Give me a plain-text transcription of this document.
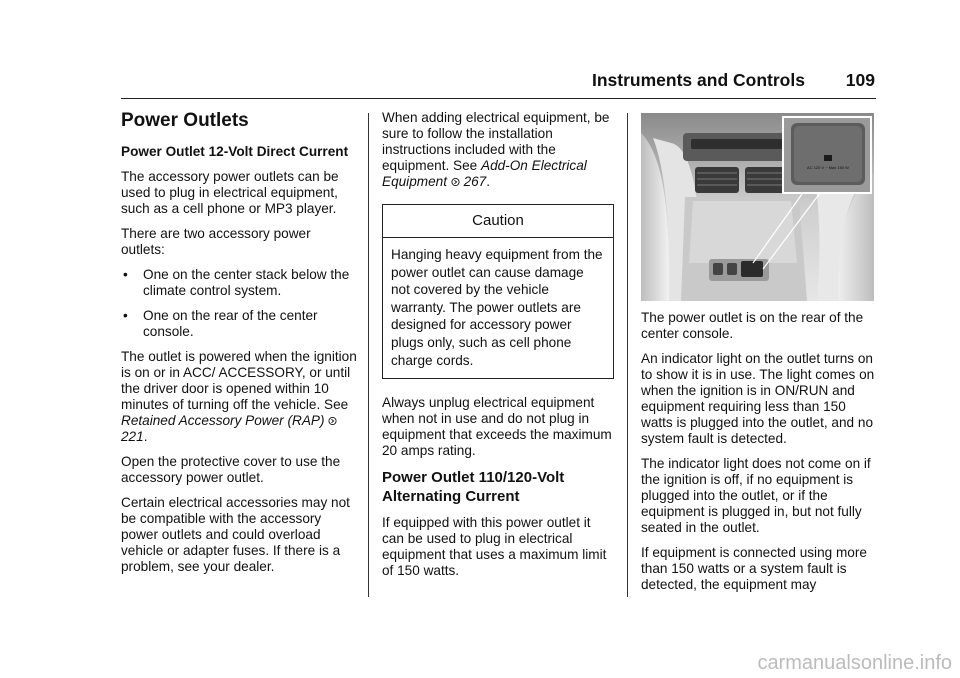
Instruments and Controls 109

Power Outlets

Power Outlet 12-Volt Direct Current

The accessory power outlets can be used to plug in electrical equipment, such as a cell phone or MP3 player.

There are two accessory power outlets:

• One on the center stack below the climate control system.

• One on the rear of the center console.

The outlet is powered when the ignition is on or in ACC/ ACCESSORY, or until the driver door is opened within 10 minutes of turning off the vehicle. See Retained Accessory Power (RAP)  221.

Open the protective cover to use the accessory power outlet.

Certain electrical accessories may not be compatible with the accessory power outlets and could overload vehicle or adapter fuses. If there is a problem, see your dealer.

When adding electrical equipment, be sure to follow the installation instructions included with the equipment. See Add-On Electrical Equipment 267.

Caution
Hanging heavy equipment from the power outlet can cause damage not covered by the vehicle warranty. The power outlets are designed for accessory power plugs only, such as cell phone charge cords.

Always unplug electrical equipment when not in use and do not plug in equipment that exceeds the maximum 20 amps rating.

Power Outlet 110/120-Volt Alternating Current

If equipped with this power outlet it can be used to plug in electrical equipment that uses a maximum limit of 150 watts.

AC 120 V ~ Max 150 W

The power outlet is on the rear of the center console.

An indicator light on the outlet turns on to show it is in use. The light comes on when the ignition is in ON/RUN and equipment requiring less than 150 watts is plugged into the outlet, and no system fault is detected.

The indicator light does not come on if the ignition is off, if no equipment is plugged into the outlet, or if the equipment is plugged in, but not fully seated in the outlet.

If equipment is connected using more than 150 watts or a system fault is detected, the equipment may

carmanualsonline.info
